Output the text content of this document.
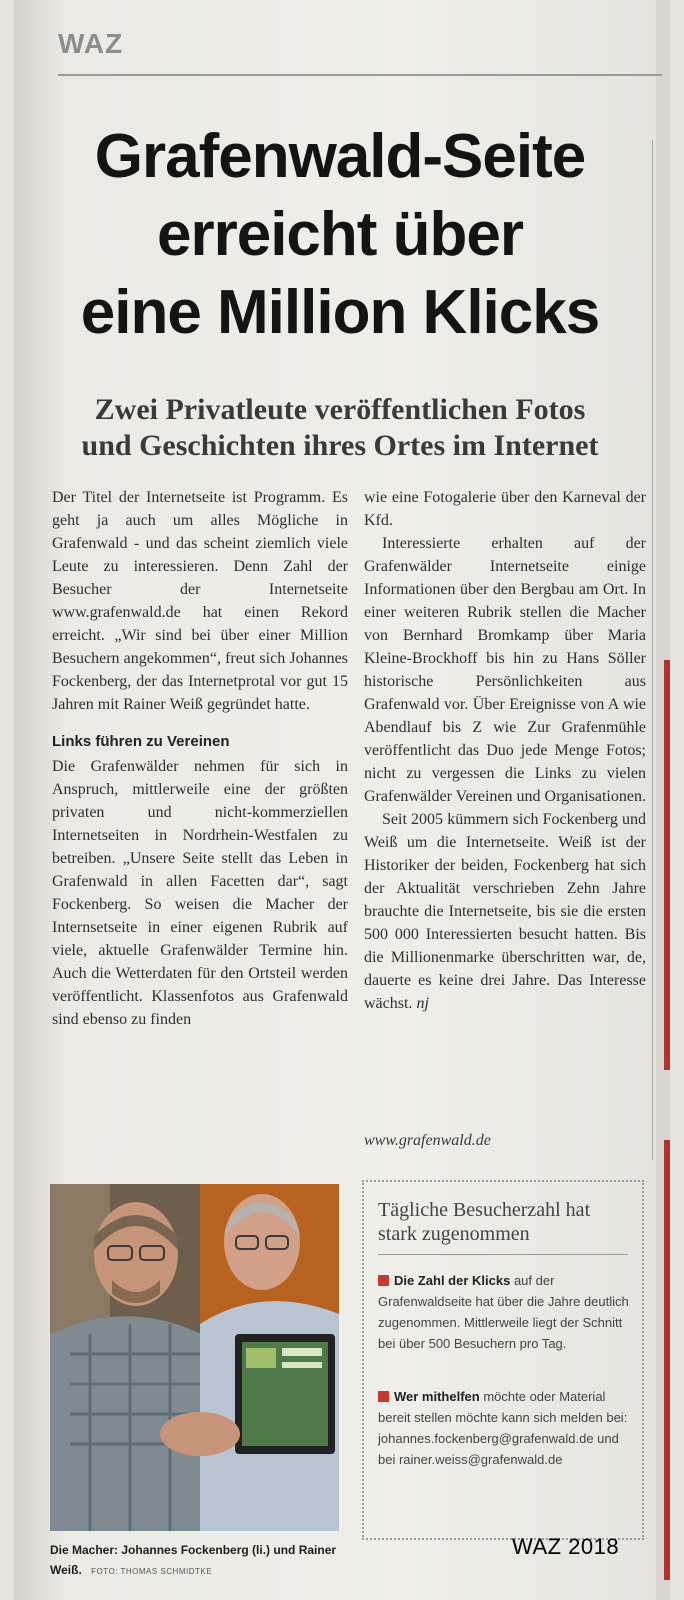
WAZ
Grafenwald-Seite
erreicht über
eine Million Klicks
Zwei Privatleute veröffentlichen Fotos
und Geschichten ihres Ortes im Internet

Der Titel der Internetseite ist Programm. Es geht ja auch um alles Mögliche in Grafenwald - und das scheint ziemlich viele Leute zu interessieren. Denn Zahl der Besucher der Internetseite www.grafenwald.de hat einen Rekord erreicht. „Wir sind bei über einer Million Besuchern angekommen“, freut sich Johannes Fockenberg, der das Internetprotal vor gut 15 Jahren mit Rainer Weiß gegründet hatte.

Links führen zu Vereinen

Die Grafenwälder nehmen für sich in Anspruch, mittlerweile eine der größten privaten und nicht-kommerziellen Internetseiten in Nordrhein-Westfalen zu betreiben. „Unsere Seite stellt das Leben in Grafenwald in allen Facetten dar“, sagt Fockenberg. So weisen die Macher der Internsetseite in einer eigenen Rubrik auf viele, aktuelle Grafenwälder Termine hin. Auch die Wetterdaten für den Ortsteil werden veröffentlicht. Klassenfotos aus Grafenwald sind ebenso zu finden

wie eine Fotogalerie über den Karneval der Kfd.

Interessierte erhalten auf der Grafenwälder Internetseite einige Informationen über den Bergbau am Ort. In einer weiteren Rubrik stellen die Macher von Bernhard Bromkamp über Maria Kleine-Brockhoff bis hin zu Hans Söller historische Persönlichkeiten aus Grafenwald vor. Über Ereignisse von A wie Abendlauf bis Z wie Zur Grafenmühle veröffentlicht das Duo jede Menge Fotos; nicht zu vergessen die Links zu vielen Grafenwälder Vereinen und Organisationen.

Seit 2005 kümmern sich Fockenberg und Weiß um die Internetseite. Weiß ist der Historiker der beiden, Fockenberg hat sich der Aktualität verschrieben Zehn Jahre brauchte die Internetseite, bis sie die ersten 500 000 Interessierten besucht hatten. Bis die Millionenmarke überschritten war, de, dauerte es keine drei Jahre. Das Interesse wächst. nj

www.grafenwald.de
Die Macher: Johannes Fockenberg (li.) und Rainer Weiß. FOTO: THOMAS SCHMIDTKE
Tägliche Besucherzahl hat stark zugenommen
Die Zahl der Klicks auf der Grafenwaldseite hat über die Jahre deutlich zugenommen. Mittlerweile liegt der Schnitt bei über 500 Besuchern pro Tag.
Wer mithelfen möchte oder Material bereit stellen möchte kann sich melden bei: johannes.fockenberg@grafenwald.de und bei rainer.weiss@grafenwald.de
WAZ 2018
